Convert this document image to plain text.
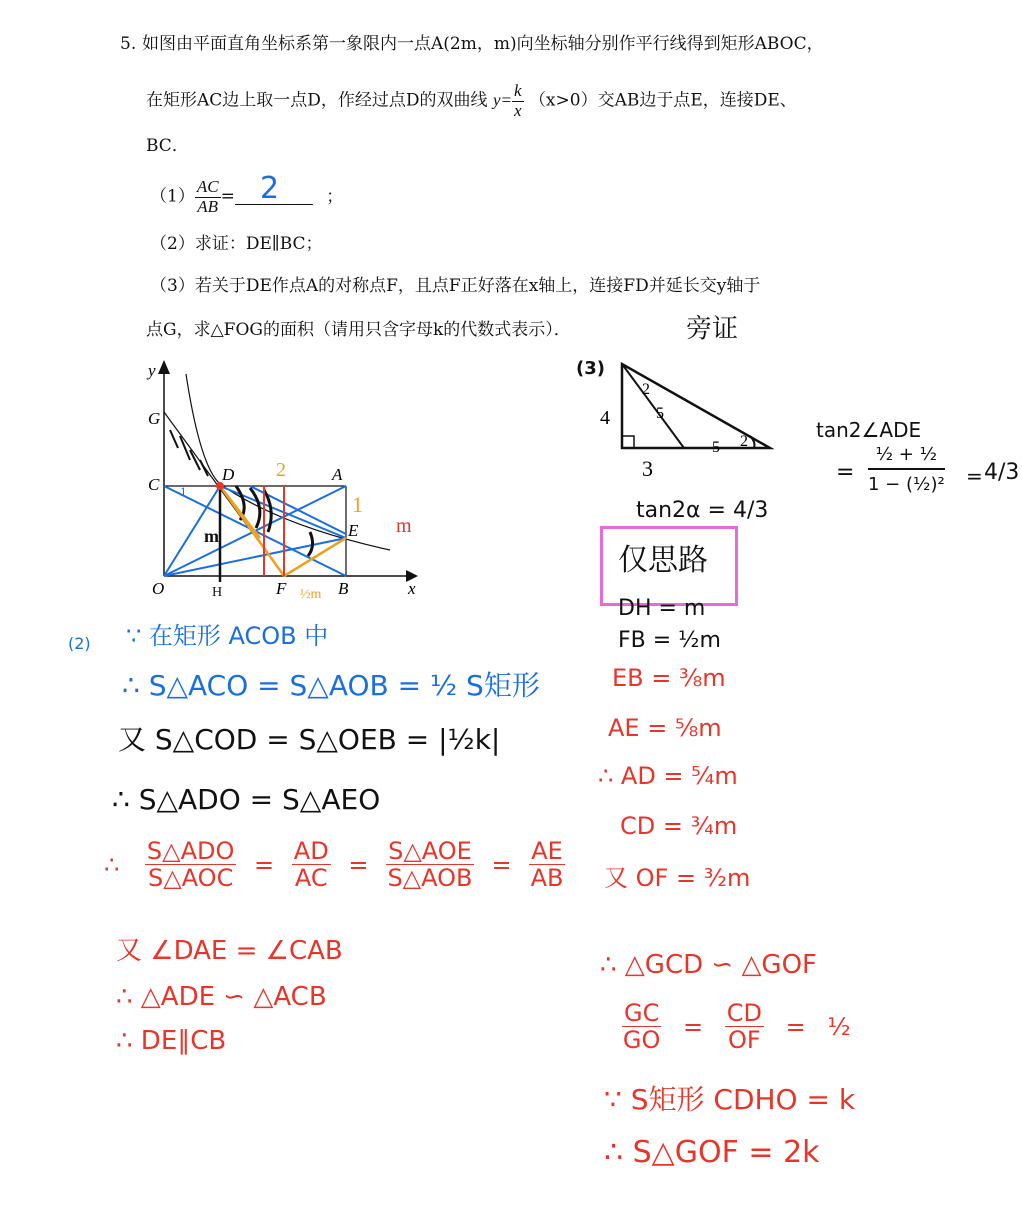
5. 如图由平面直角坐标系第一象限内一点A(2m，m)向坐标轴分别作平行线得到矩形ABOC，
在矩形AC边上取一点D，作经过点D的双曲线 $y= \frac{k}{x} (x>0)$交AB边于点E，连接DE、
BC．
$(1) \frac{AC}{AB}$ =	；
2
（2）求证：DE∥BC；
（3）若关于DE作点A的对称点F，且点F正好落在x轴上，连接FD并延长交y轴于
点G，求△FOG的面积（请用只含字母k的代数式表示）．	旁证
y
G
C
D	A
E
O	B
F	x
H
m
2
1
m
½m
1
(2) ∵ 在矩形 ACOB 中
∴ S△ACO = S△AOB = ½ S矩形
又 S△COD = S△OEB = |½k|
∴ S△ADO = S△AEO
∴ $\frac{\text{S△ADO}}{\text{S△AOC}} = \frac{AD}{AC} = \frac{\text{S△AOE}}{\text{S△AOB}} = \frac{AE}{AB}$
又 ∠DAE = ∠CAB
∴ △ADE ∽ △ACB
∴ DE∥CB
(3)
4
3
2
5
5 2	tan2∠ADE
=
½ + ½
1 − (½)² = 4/3
tan2α = 4/3
仅思路
DH = m
FB = ½m
EB = ⅜m
AE = ⅝m
∴ AD = ⁵⁄₄m
CD = ¾m
又 OF = ³⁄₂m
∴ △GCD ∽ △GOF
$\frac{GC}{GO} = \frac{CD}{OF}$ = ½
∵ S矩形 CDHO = k
∴ S△GOF = 2k
